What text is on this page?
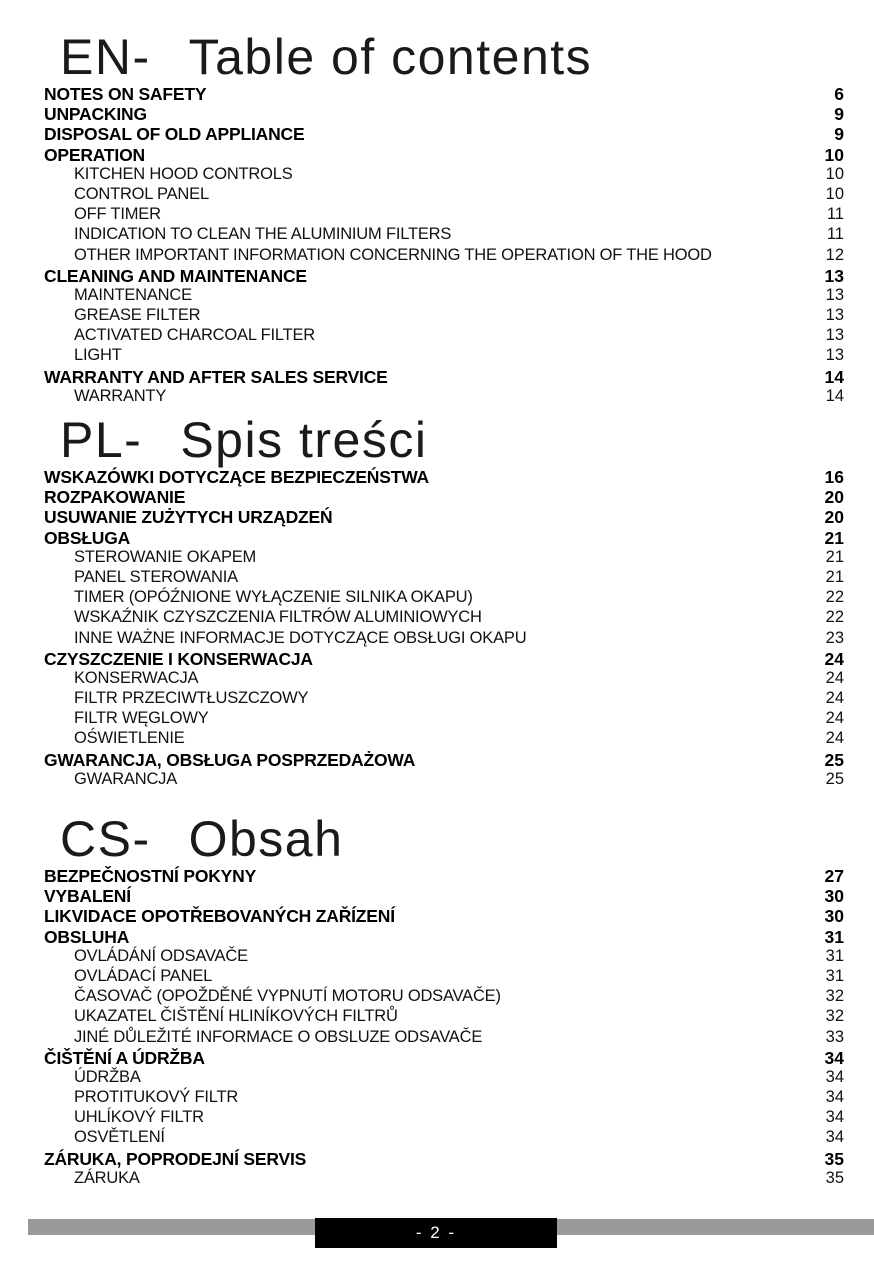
EN- Table of contents
NOTES ON SAFETY	6
UNPACKING	9
DISPOSAL OF OLD APPLIANCE	9
OPERATION	10
KITCHEN HOOD CONTROLS	10
CONTROL PANEL	10
OFF TIMER	11
INDICATION TO CLEAN THE ALUMINIUM FILTERS	11
OTHER IMPORTANT INFORMATION CONCERNING THE OPERATION OF THE HOOD	12
CLEANING AND MAINTENANCE	13
MAINTENANCE	13
GREASE FILTER	13
ACTIVATED CHARCOAL FILTER	13
LIGHT	13
WARRANTY AND AFTER SALES SERVICE	14
WARRANTY	14
PL- Spis treści
WSKAZÓWKI DOTYCZĄCE BEZPIECZEŃSTWA	16
ROZPAKOWANIE	20
USUWANIE ZUŻYTYCH URZĄDZEŃ	20
OBSŁUGA	21
STEROWANIE OKAPEM	21
PANEL STEROWANIA	21
TIMER (OPÓŹNIONE WYŁĄCZENIE SILNIKA OKAPU)	22
WSKAŹNIK CZYSZCZENIA FILTRÓW ALUMINIOWYCH	22
INNE WAŻNE INFORMACJE DOTYCZĄCE OBSŁUGI OKAPU	23
CZYSZCZENIE I KONSERWACJA	24
KONSERWACJA	24
FILTR PRZECIWTŁUSZCZOWY	24
FILTR WĘGLOWY	24
OŚWIETLENIE	24
GWARANCJA, OBSŁUGA POSPRZEDAŻOWA	25
GWARANCJA	25
CS- Obsah
BEZPEČNOSTNÍ POKYNY	27
VYBALENÍ	30
LIKVIDACE OPOTŘEBOVANÝCH ZAŘÍZENÍ	30
OBSLUHA	31
OVLÁDÁNÍ ODSAVAČE	31
OVLÁDACÍ PANEL	31
ČASOVAČ (OPOŽDĚNÉ VYPNUTÍ MOTORU ODSAVAČE)	32
UKAZATEL ČIŠTĚNÍ HLINÍKOVÝCH FILTRŮ	32
JINÉ DŮLEŽITÉ INFORMACE O OBSLUZE ODSAVAČE	33
ČIŠTĚNÍ A ÚDRŽBA	34
ÚDRŽBA	34
PROTITUKOVÝ FILTR	34
UHLÍKOVÝ FILTR	34
OSVĚTLENÍ	34
ZÁRUKA, POPRODEJNÍ SERVIS	35
ZÁRUKA	35
- 2 -
